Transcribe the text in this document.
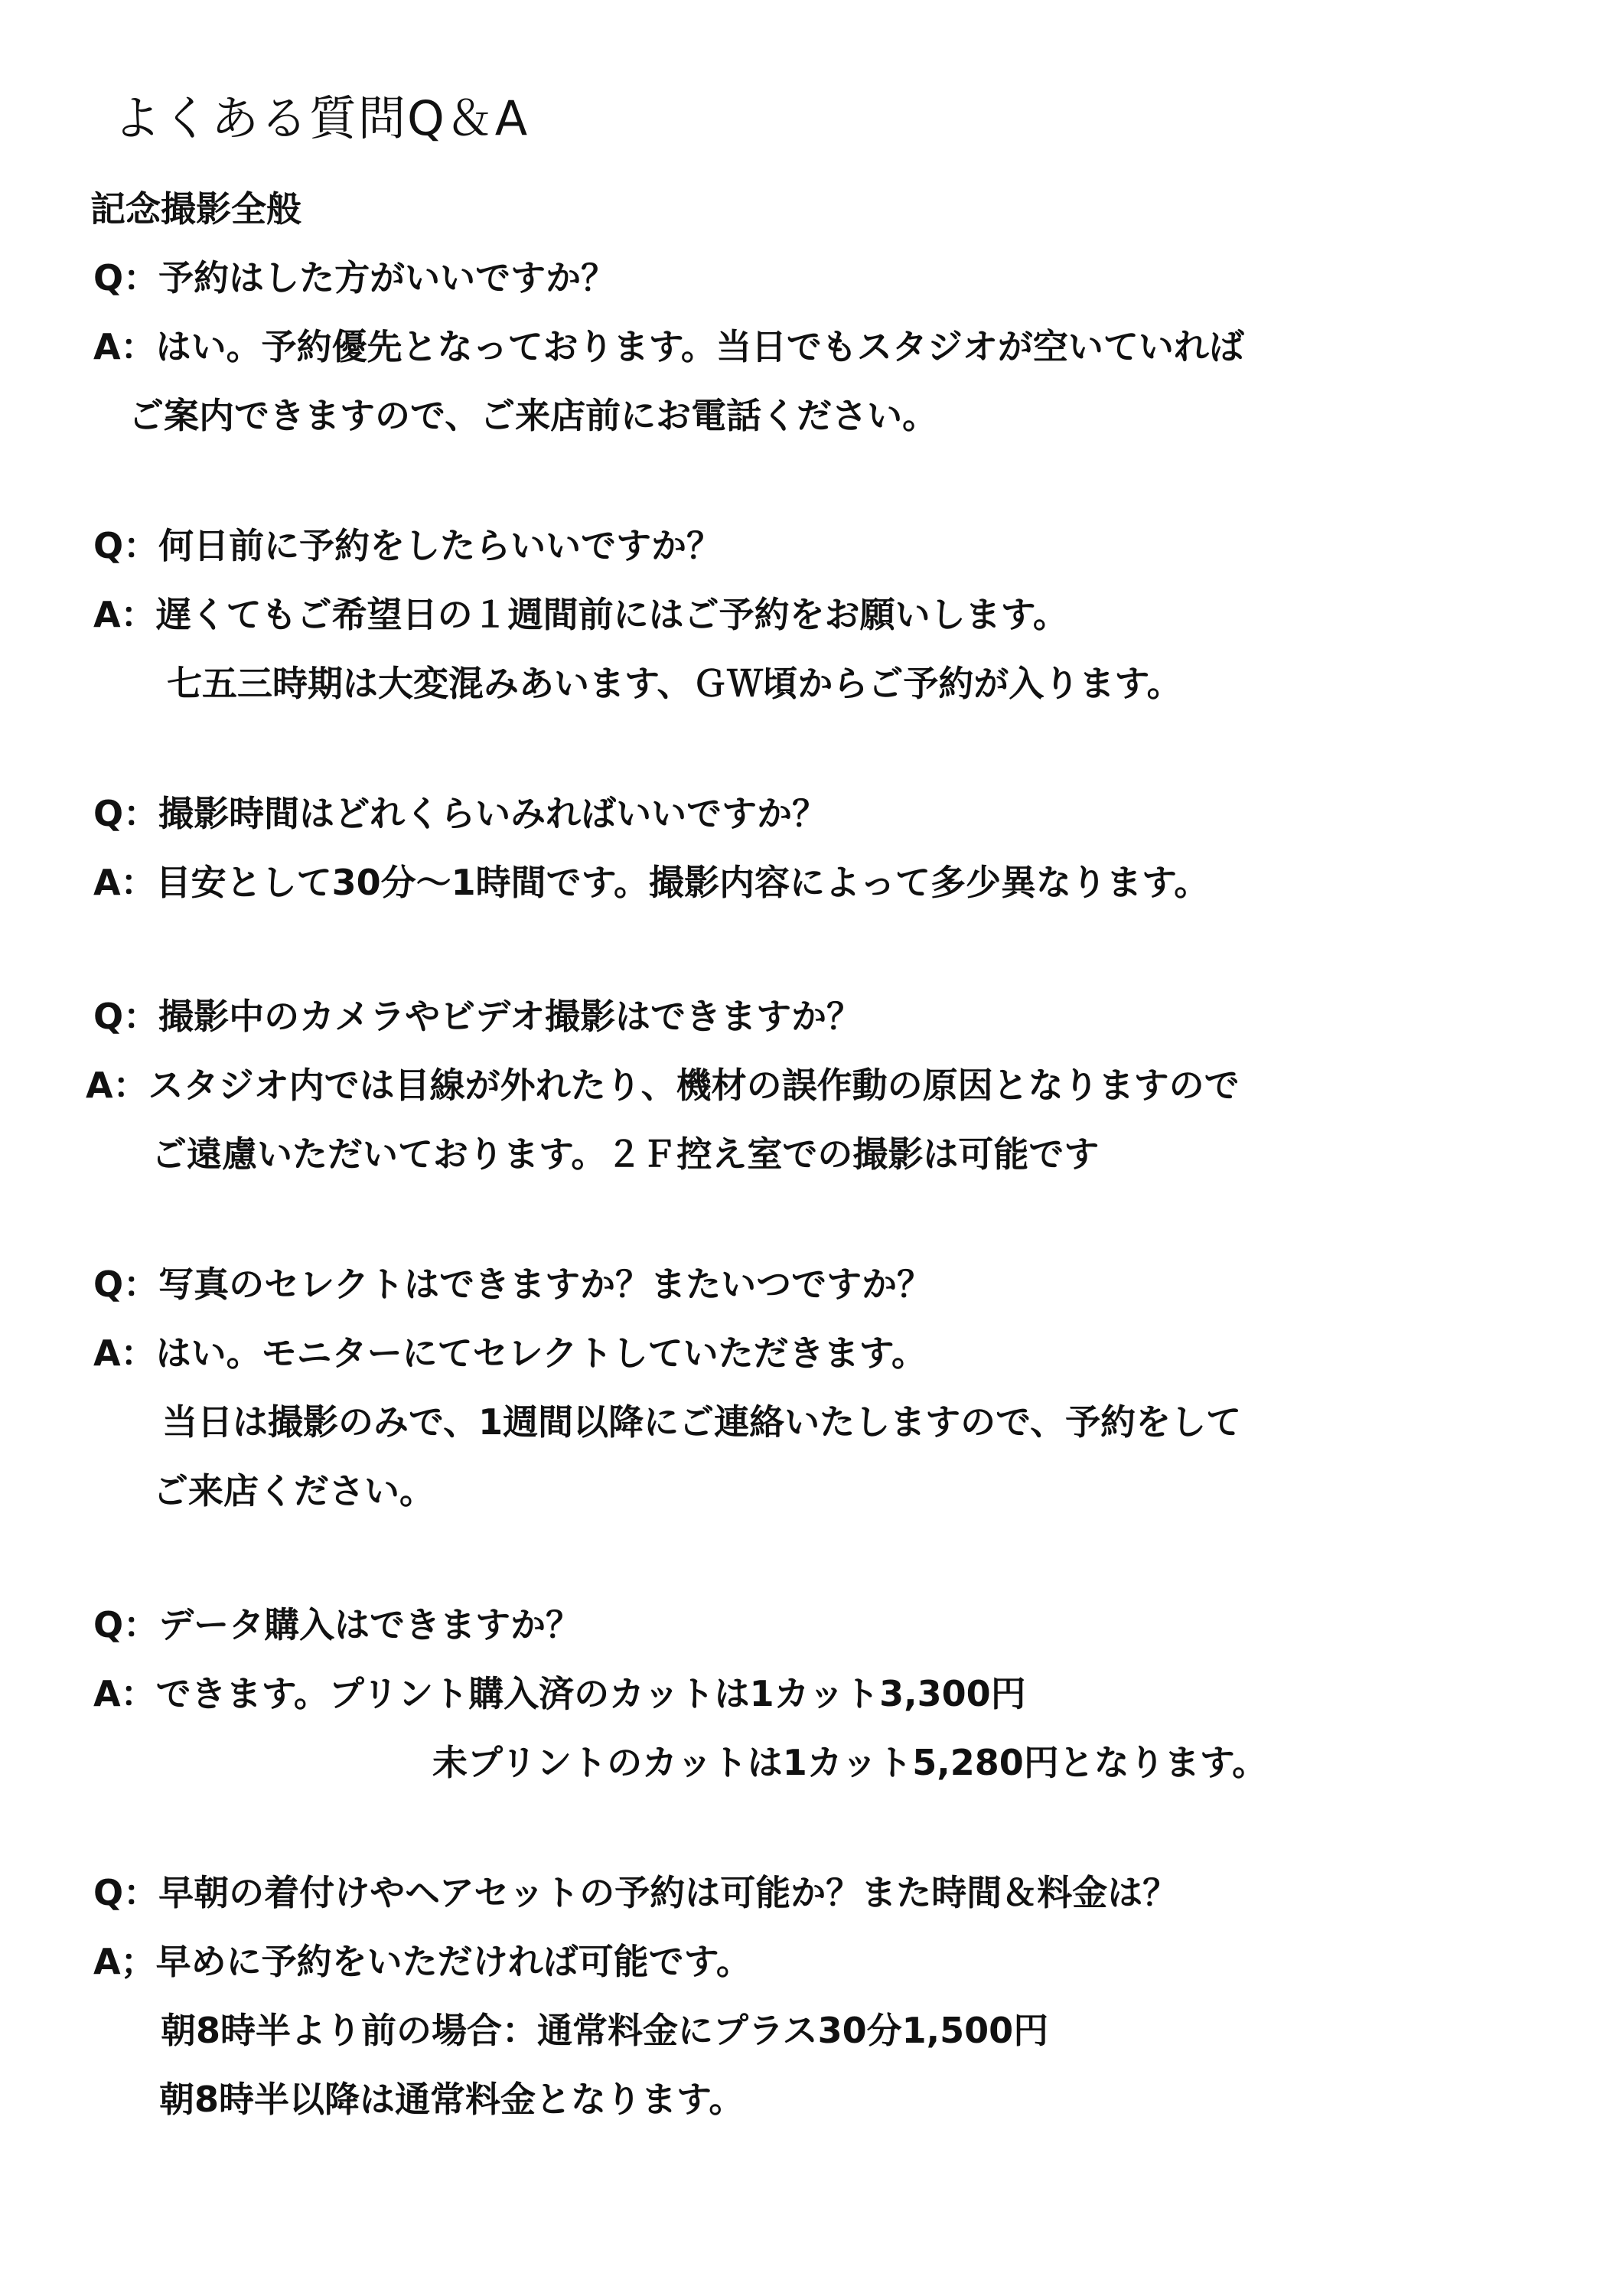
よくある質問Q＆A
記念撮影全般
Q：予約はした方がいいですか？
A：はい。予約優先となっております。当日でもスタジオが空いていれば
ご案内できますので、ご来店前にお電話ください。
Q：何日前に予約をしたらいいですか？
A：遅くてもご希望日の１週間前にはご予約をお願いします。
七五三時期は大変混みあいます、ＧＷ頃からご予約が入ります。
Q：撮影時間はどれくらいみればいいですか？
A：目安として30分～1時間です。撮影内容によって多少異なります。
Q：撮影中のカメラやビデオ撮影はできますか？
A：スタジオ内では目線が外れたり、機材の誤作動の原因となりますので
ご遠慮いただいております。２Ｆ控え室での撮影は可能です
Q：写真のセレクトはできますか？またいつですか？
A：はい。モニターにてセレクトしていただきます。
当日は撮影のみで、1週間以降にご連絡いたしますので、予約をして
ご来店ください。
Q：データ購入はできますか？
A：できます。プリント購入済のカットは1カット3,300円
未プリントのカットは1カット5,280円となります。
Q：早朝の着付けやヘアセットの予約は可能か？また時間＆料金は？
A；早めに予約をいただければ可能です。
朝8時半より前の場合：通常料金にプラス30分1,500円
朝8時半以降は通常料金となります。
